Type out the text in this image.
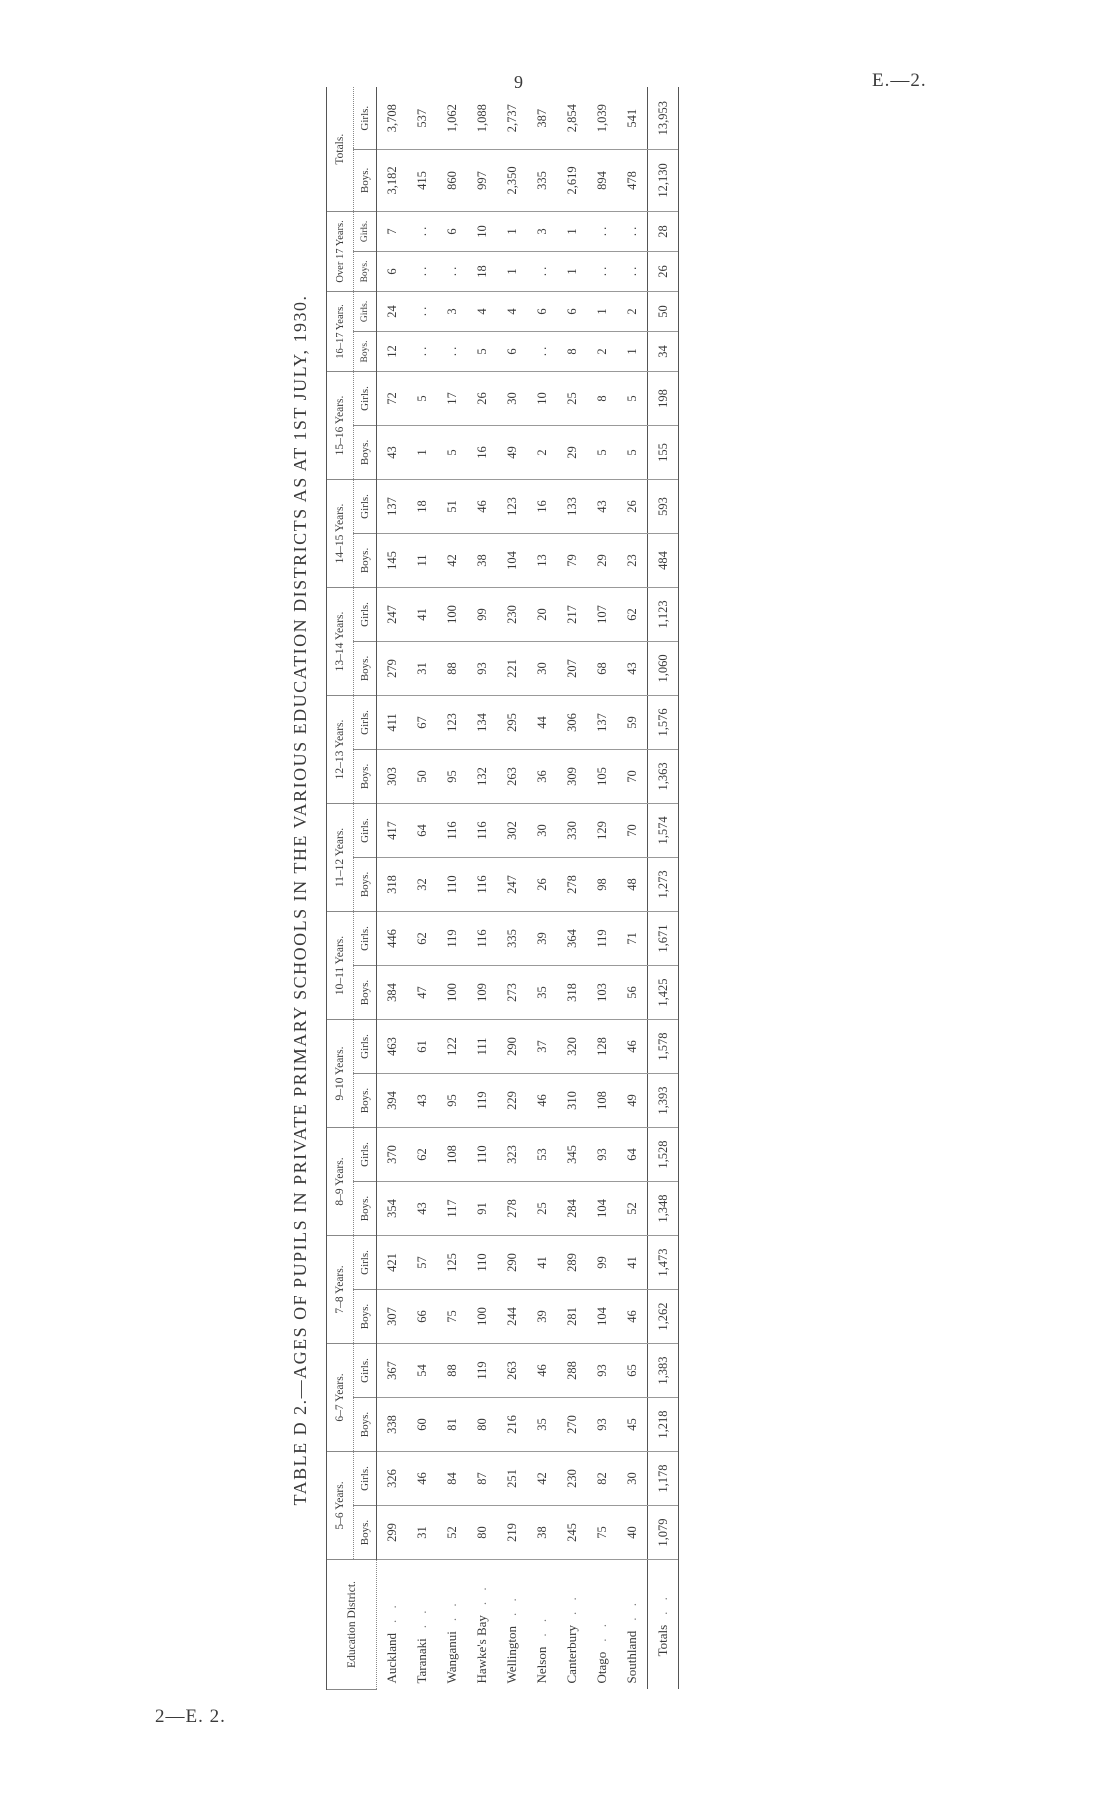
9	E.—2.
2—E. 2.
TABLE D 2.—AGES OF PUPILS IN PRIVATE PRIMARY SCHOOLS IN THE VARIOUS EDUCATION DISTRICTS AS AT 1ST JULY, 1930.
Education District.	5–6 Years.		6–7 Years.		7–8 Years.		8–9 Years.		9–10 Years.		10–11 Years.		11–12 Years.		12–13 Years.		13–14 Years.		14–15 Years.		15–16 Years.		16–17 Years.		Over 17 Years.		Totals.	
	Boys.	Girls.	Boys.	Girls.	Boys.	Girls.	Boys.	Girls.	Boys.	Girls.	Boys.	Girls.	Boys.	Girls.	Boys.	Girls.	Boys.	Girls.	Boys.	Girls.	Boys.	Girls.	Boys.	Girls.	Boys.	Girls.	Boys.	Girls.
Auckland. .	299	326	338	367	307	421	354	370	394	463	384	446	318	417	303	411	279	247	145	137	43	72	12	24	6	7	3,182	3,708
Taranaki. .	31	46	60	54	66	57	43	62	43	61	47	62	32	64	50	67	31	41	11	18	1	5	. .	. .	. .	. .	415	537
Wanganui. .	52	84	81	88	75	125	117	108	95	122	100	119	110	116	95	123	88	100	42	51	5	17	. .	3	. .	6	860	1,062
Hawke's Bay. .	80	87	80	119	100	110	91	110	119	111	109	116	116	116	132	134	93	99	38	46	16	26	5	4	18	10	997	1,088
Wellington. .	219	251	216	263	244	290	278	323	229	290	273	335	247	302	263	295	221	230	104	123	49	30	6	4	1	1	2,350	2,737
Nelson. .	38	42	35	46	39	41	25	53	46	37	35	39	26	30	36	44	30	20	13	16	2	10	. .	6	. .	3	335	387
Canterbury. .	245	230	270	288	281	289	284	345	310	320	318	364	278	330	309	306	207	217	79	133	29	25	8	6	1	1	2,619	2,854
Otago. .	75	82	93	93	104	99	104	93	108	128	103	119	98	129	105	137	68	107	29	43	5	8	2	1	. .	. .	894	1,039
Southland. .	40	30	45	65	46	41	52	64	49	46	56	71	48	70	70	59	43	62	23	26	5	5	1	2	. .	. .	478	541
Totals. .	1,079	1,178	1,218	1,383	1,262	1,473	1,348	1,528	1,393	1,578	1,425	1,671	1,273	1,574	1,363	1,576	1,060	1,123	484	593	155	198	34	50	26	28	12,130	13,953
